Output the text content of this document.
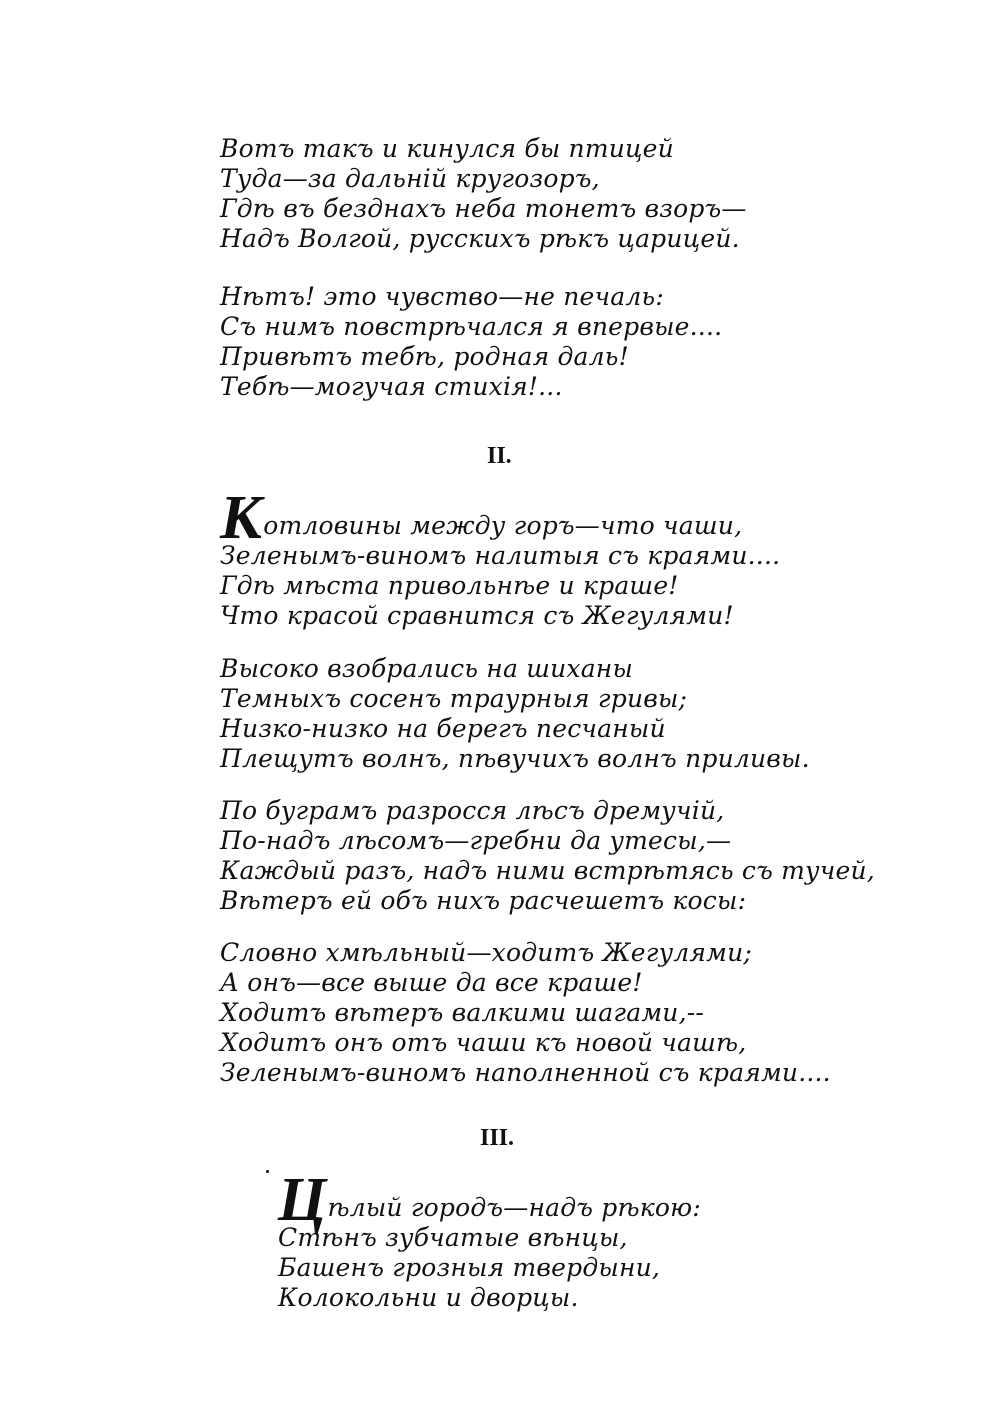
Вотъ такъ и кинулся бы птицей
Туда—за дальній кругозоръ,
Гдѣ въ безднахъ неба тонетъ взоръ—
Надъ Волгой, русскихъ рѣкъ царицей.
Нѣтъ! это чувство—не печаль:
Съ нимъ повстрѣчался я впервые....
Привѣтъ тебѣ, родная даль!
Тебѣ—могучая стихія!...
II.
Котловины между горъ—что чаши,
Зеленымъ-виномъ налитыя съ краями....
Гдѣ мѣста привольнѣе и краше!
Что красой сравнится съ Жегулями!
Высоко взобрались на шиханы
Темныхъ сосенъ траурныя гривы;
Низко-низко на берегъ песчаный
Плещутъ волнъ, пѣвучихъ волнъ приливы.
По буграмъ разросся лѣсъ дремучій,
По-надъ лѣсомъ—гребни да утесы,—
Каждый разъ, надъ ними встрѣтясь съ тучей,
Вѣтеръ ей объ нихъ расчешетъ косы:
Словно хмѣльный—ходитъ Жегулями;
А онъ—все выше да все краше!
Ходитъ вѣтеръ валкими шагами,--
Ходитъ онъ отъ чаши къ новой чашѣ,
Зеленымъ-виномъ наполненной съ краями....
III.
Цѣлый городъ—надъ рѣкою:
Стѣнъ зубчатые вѣнцы,
Башенъ грозныя твердыни,
Колокольни и дворцы.
